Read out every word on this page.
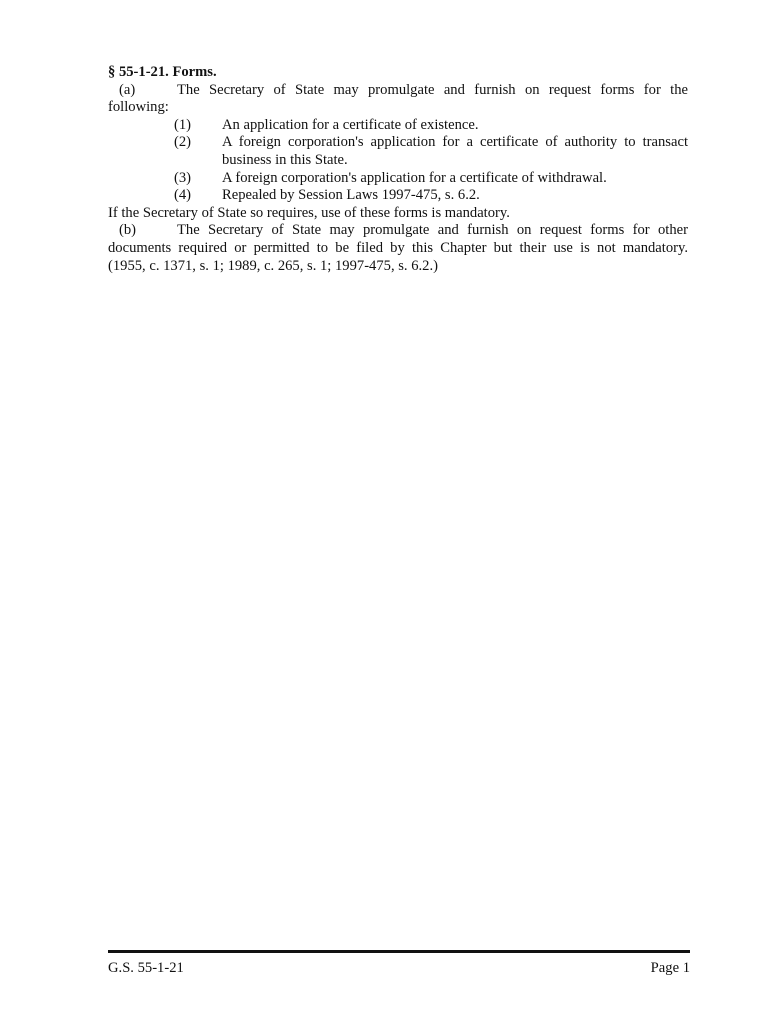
§ 55-1-21. Forms.
(a)	The Secretary of State may promulgate and furnish on request forms for the
following:
(1) An application for a certificate of existence.
(2) A foreign corporation's application for a certificate of authority to transact
business in this State.
(3) A foreign corporation's application for a certificate of withdrawal.
(4) Repealed by Session Laws 1997-475, s. 6.2.
If the Secretary of State so requires, use of these forms is mandatory.
(b)	The Secretary of State may promulgate and furnish on request forms for other
documents required or permitted to be filed by this Chapter but their use is not mandatory.
(1955, c. 1371, s. 1; 1989, c. 265, s. 1; 1997-475, s. 6.2.)
G.S. 55-1-21	Page 1
